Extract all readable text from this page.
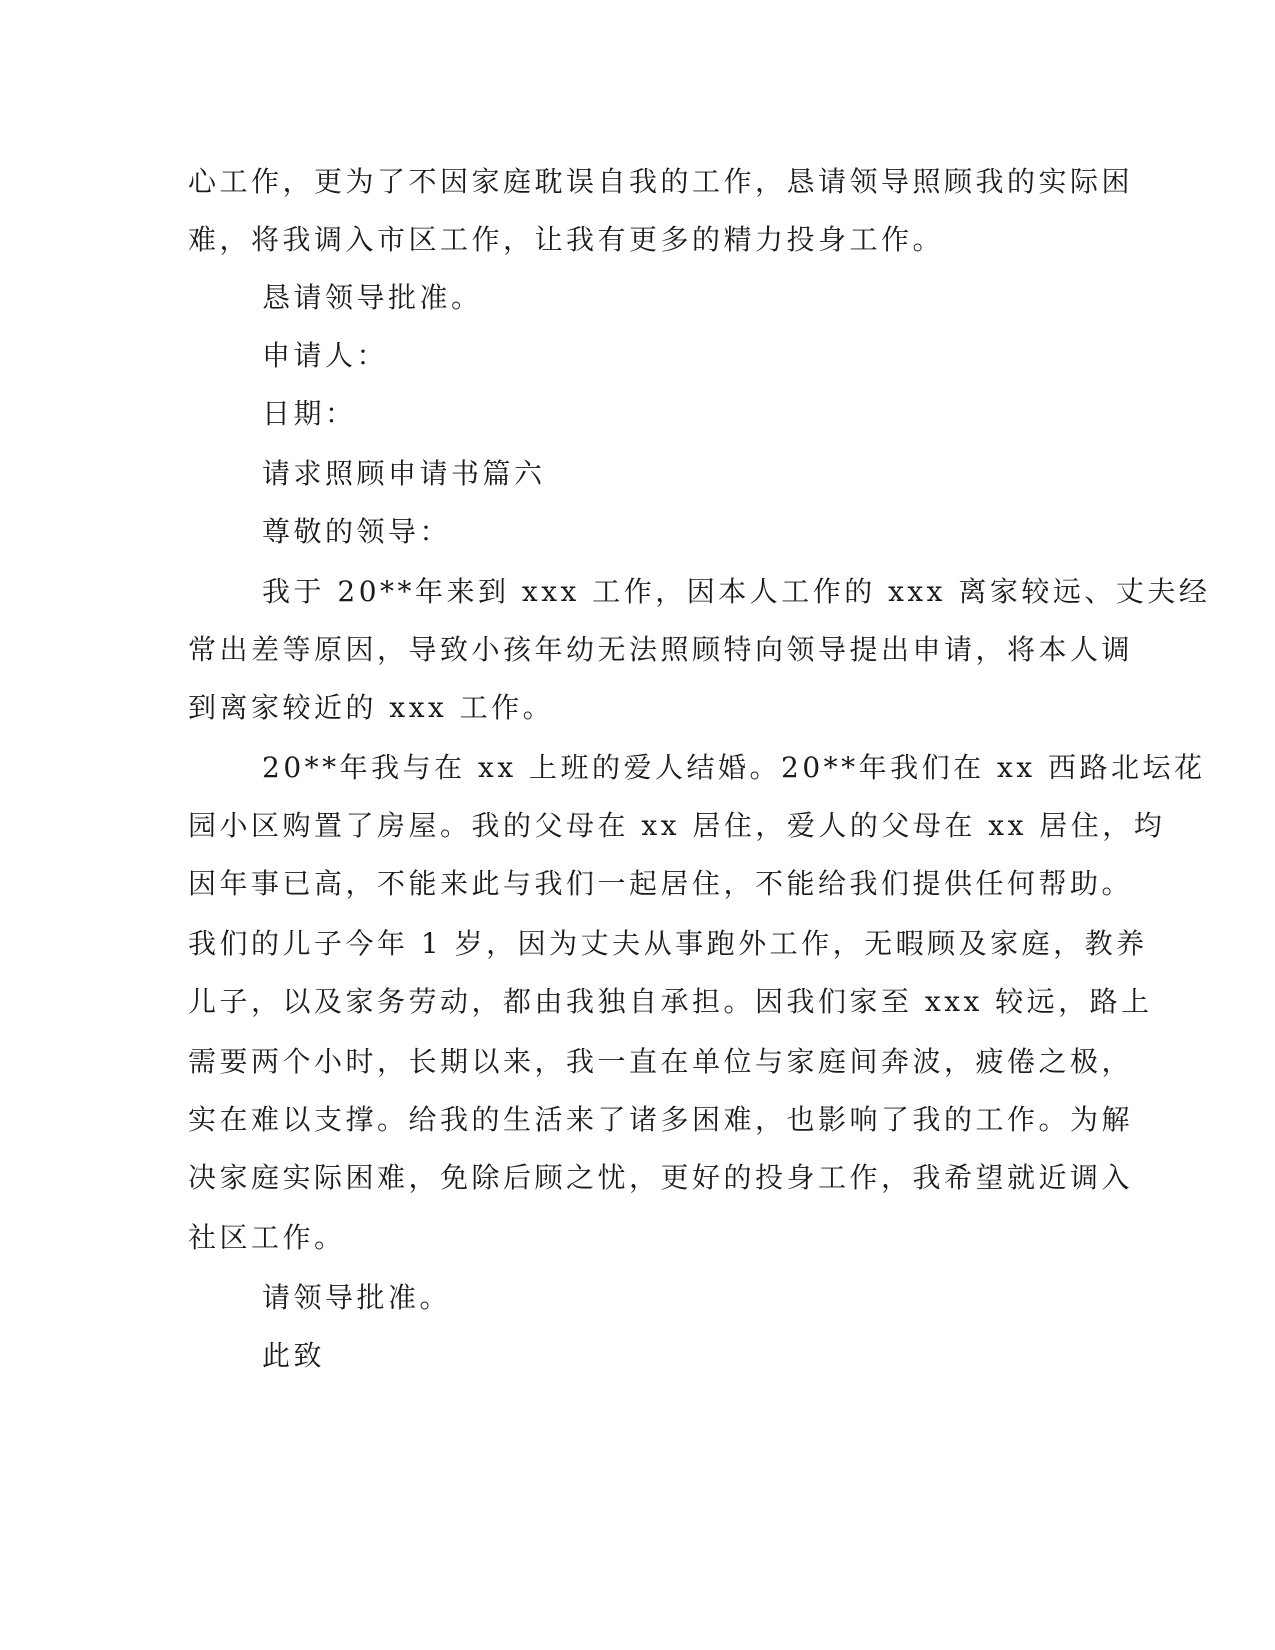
心工作，更为了不因家庭耽误自我的工作，恳请领导照顾我的实际困
难，将我调入市区工作，让我有更多的精力投身工作。
恳请领导批准。
申请人：
日期：
请求照顾申请书篇六
尊敬的领导：
我于 20**年来到 xxx 工作，因本人工作的 xxx 离家较远、丈夫经
常出差等原因，导致小孩年幼无法照顾特向领导提出申请，将本人调
到离家较近的 xxx 工作。
20**年我与在 xx 上班的爱人结婚。20**年我们在 xx 西路北坛花
园小区购置了房屋。我的父母在 xx 居住，爱人的父母在 xx 居住，均
因年事已高，不能来此与我们一起居住，不能给我们提供任何帮助。
我们的儿子今年 1 岁，因为丈夫从事跑外工作，无暇顾及家庭，教养
儿子，以及家务劳动，都由我独自承担。因我们家至 xxx 较远，路上
需要两个小时，长期以来，我一直在单位与家庭间奔波，疲倦之极，
实在难以支撑。给我的生活来了诸多困难，也影响了我的工作。为解
决家庭实际困难，免除后顾之忧，更好的投身工作，我希望就近调入
社区工作。
请领导批准。
此致
